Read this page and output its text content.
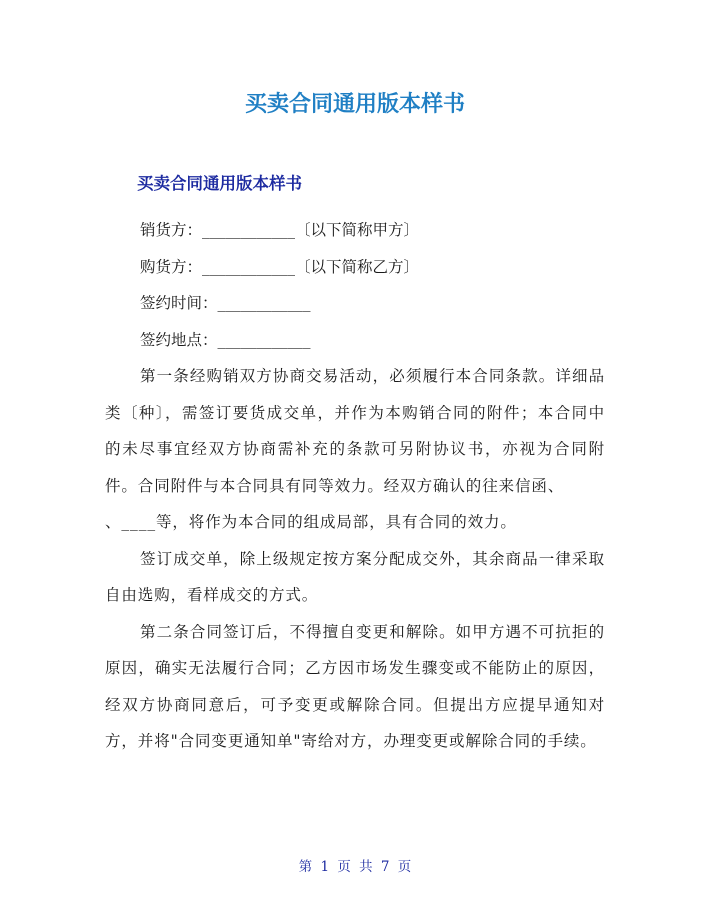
买卖合同通用版本样书
买卖合同通用版本样书
销货方：____________〔以下简称甲方〕
购货方：____________〔以下简称乙方〕
签约时间：____________
签约地点：____________

第一条经购销双方协商交易活动，必须履行本合同条款。详细品类〔种〕，需签订要货成交单，并作为本购销合同的附件；本合同中的未尽事宜经双方协商需补充的条款可另附协议书，亦视为合同附件。合同附件与本合同具有同等效力。经双方确认的往来信函、

、____等，将作为本合同的组成局部，具有合同的效力。

签订成交单，除上级规定按方案分配成交外，其余商品一律采取自由选购，看样成交的方式。

第二条合同签订后，不得擅自变更和解除。如甲方遇不可抗拒的原因，确实无法履行合同；乙方因市场发生骤变或不能防止的原因，经双方协商同意后，可予变更或解除合同。但提出方应提早通知对方，并将"合同变更通知单"寄给对方，办理变更或解除合同的手续。

第 1 页 共 7 页
